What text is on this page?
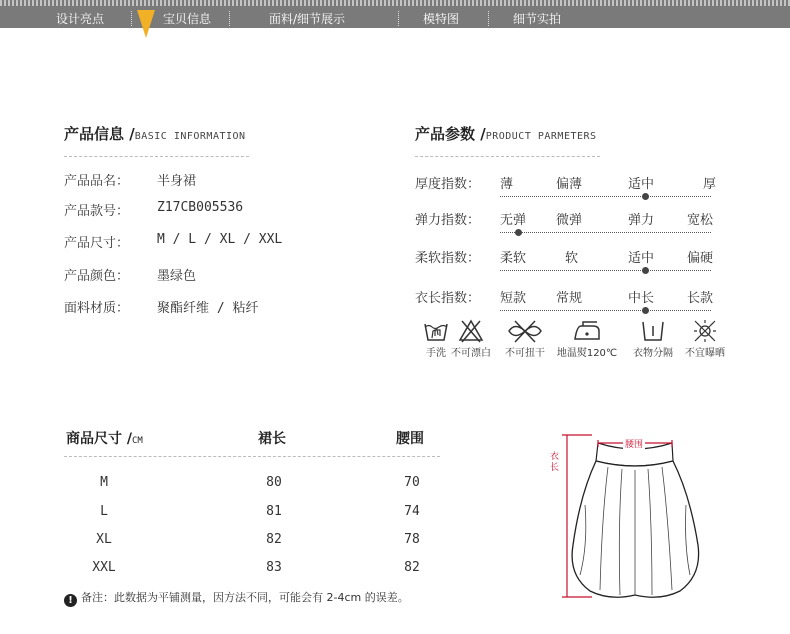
设计亮点	宝贝信息	面料/细节展示	模特图	细节实拍
产品信息 /BASIC INFORMATION
产品品名： 半身裙
产品款号： Z17CB005536
产品尺寸： M / L / XL / XXL
产品颜色： 墨绿色
面料材质： 聚酯纤维 / 粘纤
产品参数 /PRODUCT PARMETERS
厚度指数： 薄	偏薄	适中	厚
弹力指数： 无弹 微弹	弹力	宽松
柔软指数： 柔软	软	适中	偏硬
衣长指数： 短款 常规	中长	长款
手洗 不可漂白	不可扭干	地温熨120℃	衣物分隔	不宜曝晒
商品尺寸 /CM	裙长	腰围
M	80	70
L	81	74
XL	82	78
XXL	83	82
! 备注：此数据为平铺测量，因方法不同，可能会有 2-4cm 的误差。
腰围
衣长
